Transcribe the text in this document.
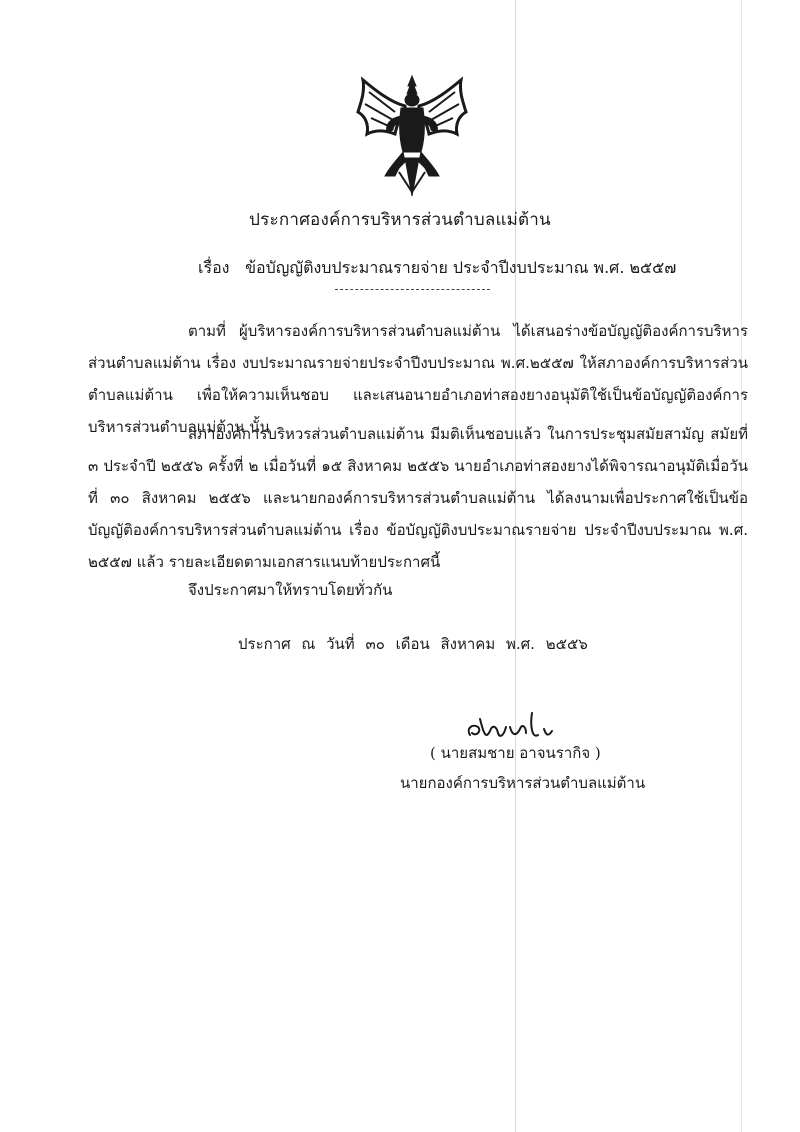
ประกาศองค์การบริหารส่วนตำบลแม่ต้าน
เรื่อง ข้อบัญญัติงบประมาณรายจ่าย ประจำปีงบประมาณ พ.ศ. ๒๕๕๗
ตามที่ ผู้บริหารองค์การบริหารส่วนตำบลแม่ต้าน ได้เสนอร่างข้อบัญญัติองค์การบริหารส่วนตำบลแม่ต้าน เรื่อง งบประมาณรายจ่ายประจำปีงบประมาณ พ.ศ.๒๕๕๗ ให้สภาองค์การบริหารส่วนตำบลแม่ต้าน เพื่อให้ความเห็นชอบ และเสนอนายอำเภอท่าสองยางอนุมัติใช้เป็นข้อบัญญัติองค์การบริหารส่วนตำบลแม่ต้าน นั้น
สภาองค์การบริหวรส่วนตำบลแม่ต้าน มีมติเห็นชอบแล้ว ในการประชุมสมัยสามัญ สมัยที่ ๓ ประจำปี ๒๕๕๖ ครั้งที่ ๒ เมื่อวันที่ ๑๕ สิงหาคม ๒๕๕๖ นายอำเภอท่าสองยางได้พิจารณาอนุมัติเมื่อวันที่ ๓๐ สิงหาคม ๒๕๕๖ และนายกองค์การบริหารส่วนตำบลแม่ต้าน ได้ลงนามเพื่อประกาศใช้เป็นข้อบัญญัติองค์การบริหารส่วนตำบลแม่ต้าน เรื่อง ข้อบัญญัติงบประมาณรายจ่าย ประจำปีงบประมาณ พ.ศ. ๒๕๕๗ แล้ว รายละเอียดตามเอกสารแนบท้ายประกาศนี้
จึงประกาศมาให้ทราบโดยทั่วกัน
ประกาศ ณ วันที่ ๓๐ เดือน สิงหาคม พ.ศ. ๒๕๕๖
( นายสมชาย อาจนรากิจ )
นายกองค์การบริหารส่วนตำบลแม่ต้าน
